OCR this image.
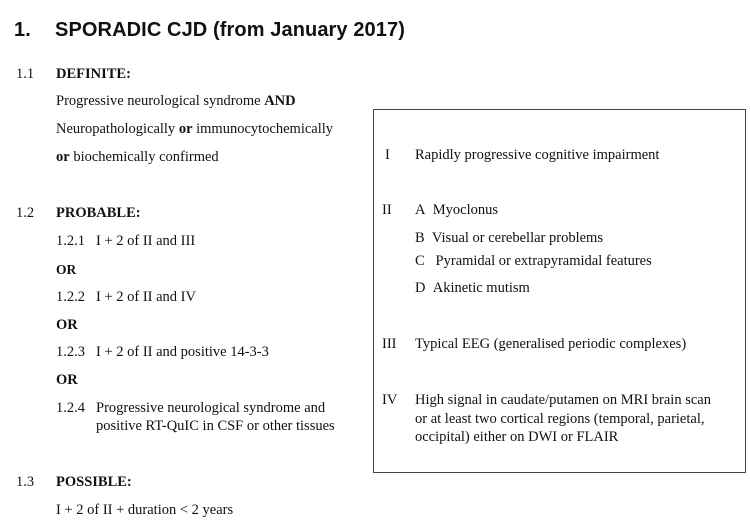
1. SPORADIC CJD (from January 2017)
1.1 DEFINITE:
Progressive neurological syndrome AND
Neuropathologically or immunocytochemically
or biochemically confirmed
1.2 PROBABLE:
1.2.1 I + 2 of II and III
OR
1.2.2 I + 2 of II and IV
OR
1.2.3 I + 2 of II and positive 14-3-3
OR
1.2.4 Progressive neurological syndrome and
positive RT-QuIC in CSF or other tissues
1.3 POSSIBLE:
I + 2 of II + duration < 2 years
I Rapidly progressive cognitive impairment
II A Myoclonus
B Visual or cerebellar problems
C Pyramidal or extrapyramidal features
D Akinetic mutism
III Typical EEG (generalised periodic complexes)
IV High signal in caudate/putamen on MRI brain scan
or at least two cortical regions (temporal, parietal,
occipital) either on DWI or FLAIR
